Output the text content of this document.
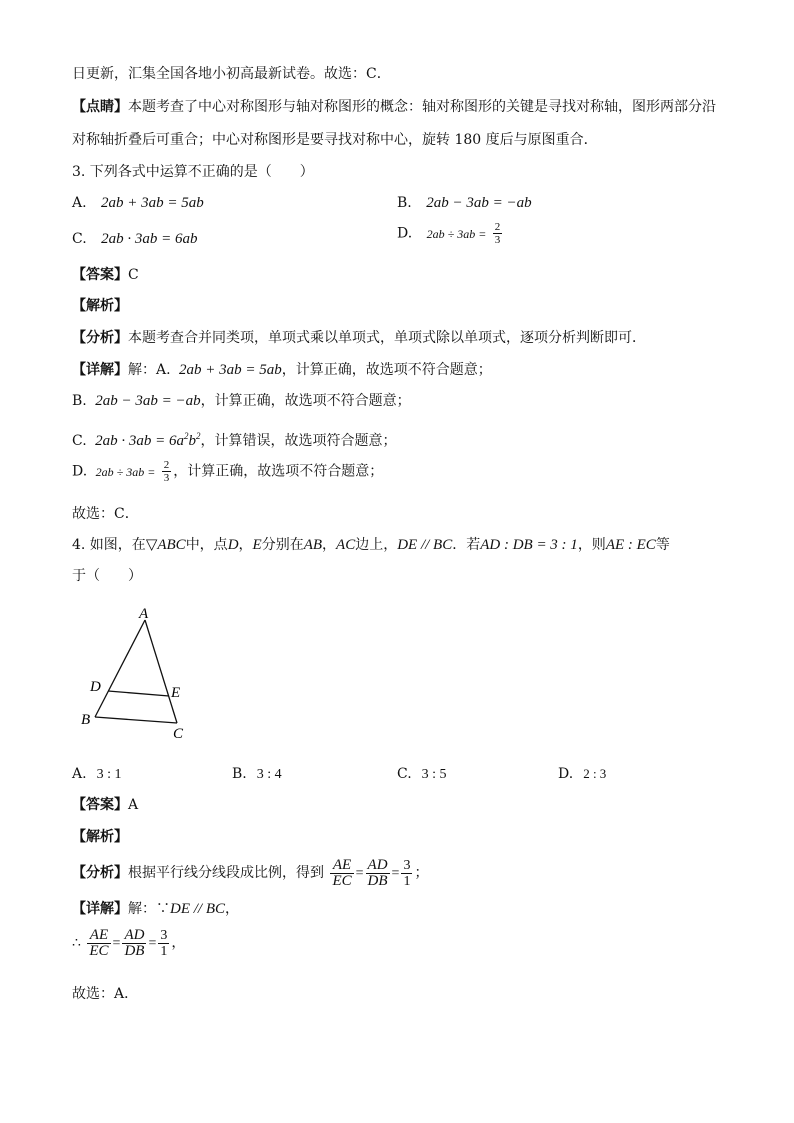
日更新，汇集全国各地小初高最新试卷。故选：C．
【点睛】本题考查了中心对称图形与轴对称图形的概念：轴对称图形的关键是寻找对称轴，图形两部分沿
对称轴折叠后可重合；中心对称图形是要寻找对称中心，旋转 180 度后与原图重合．
3. 下列各式中运算不正确的是（　　）
A. 2ab + 3ab = 5ab	B. 2ab − 3ab = −ab
C. 2ab · 3ab = 6ab	D. $2ab \div 3ab = \frac{2}{3}$
【答案】C
【解析】
【分析】本题考查合并同类项，单项式乘以单项式，单项式除以单项式，逐项分析判断即可．
【详解】解：A. 2ab + 3ab = 5ab，计算正确，故选项不符合题意；
B. 2ab − 3ab = −ab，计算正确，故选项不符合题意；
C. $2ab \cdot 3ab = 6a^2b^2$，计算错误，故选项符合题意；
D. $2ab \div 3ab = \frac{2}{3}$ ，计算正确，故选项不符合题意；
故选：C．
4. 如图，在▽ABC中，点D，E分别在AB，AC边上，DE // BC．若AD : DB = 3 : 1，则AE : EC等
于（　　）
A
D	E
B
C
A. 3 : 1	B. 3 : 4	C. 3 : 5	D. 2 : 3
【答案】A
【解析】
【分析】根据平行线分线段成比例，得到 $\frac{AE}{EC} = \frac{AD}{DB} = \frac{3}{1}$ ；
【详解】解：∵DE // BC，
∴ $\frac{AE}{EC} = \frac{AD}{DB} = \frac{3}{1}$ ，
故选：A．
